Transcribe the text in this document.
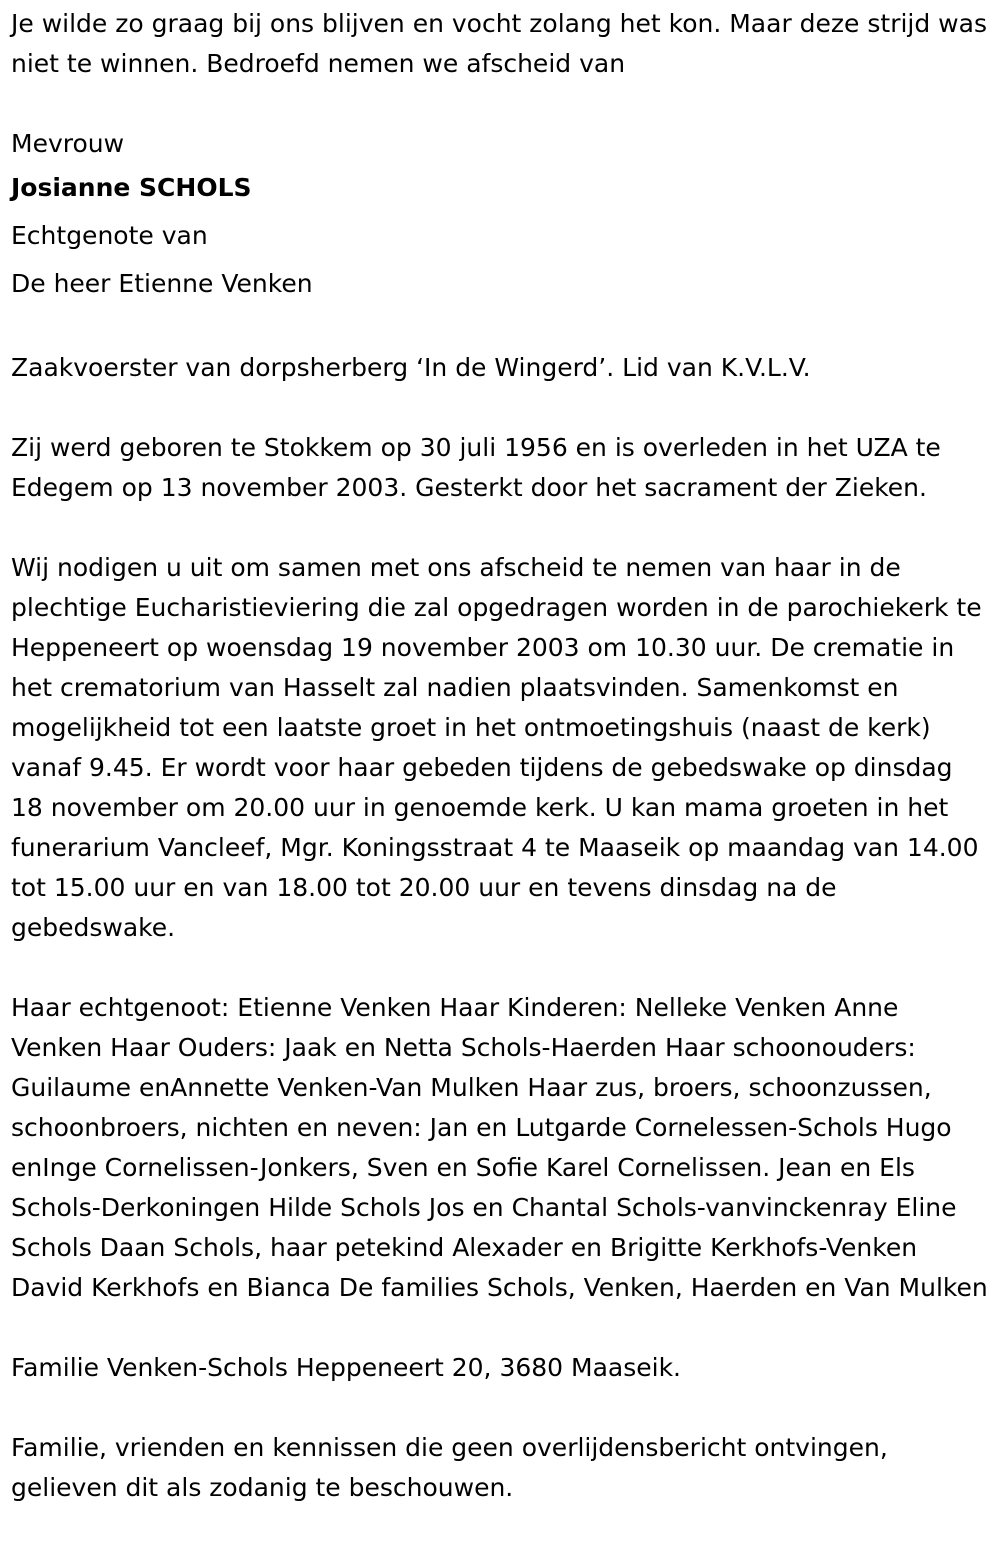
Je wilde zo graag bij ons blijven en vocht zolang het kon. Maar deze strijd was niet te winnen. Bedroefd nemen we afscheid van

Mevrouw
Josianne SCHOLS
Echtgenote van
De heer Etienne Venken

Zaakvoerster van dorpsherberg ‘In de Wingerd’. Lid van K.V.L.V.

Zij werd geboren te Stokkem op 30 juli 1956 en is overleden in het UZA te Edegem op 13 november 2003. Gesterkt door het sacrament der Zieken.

Wij nodigen u uit om samen met ons afscheid te nemen van haar in de plechtige Eucharistieviering die zal opgedragen worden in de parochiekerk te Heppeneert op woensdag 19 november 2003 om 10.30 uur. De crematie in het crematorium van Hasselt zal nadien plaatsvinden. Samenkomst en mogelijkheid tot een laatste groet in het ontmoetingshuis (naast de kerk) vanaf 9.45. Er wordt voor haar gebeden tijdens de gebedswake op dinsdag 18 november om 20.00 uur in genoemde kerk. U kan mama groeten in het funerarium Vancleef, Mgr. Koningsstraat 4 te Maaseik op maandag van 14.00 tot 15.00 uur en van 18.00 tot 20.00 uur en tevens dinsdag na de gebedswake.

Haar echtgenoot: Etienne Venken Haar Kinderen: Nelleke Venken Anne Venken Haar Ouders: Jaak en Netta Schols-Haerden Haar schoonouders: Guilaume enAnnette Venken-Van Mulken Haar zus, broers, schoonzussen, schoonbroers, nichten en neven: Jan en Lutgarde Cornelessen-Schols Hugo enInge Cornelissen-Jonkers, Sven en Sofie Karel Cornelissen. Jean en Els Schols-Derkoningen Hilde Schols Jos en Chantal Schols-vanvinckenray Eline Schols Daan Schols, haar petekind Alexader en Brigitte Kerkhofs-Venken David Kerkhofs en Bianca De families Schols, Venken, Haerden en Van Mulken

Familie Venken-Schols Heppeneert 20, 3680 Maaseik.

Familie, vrienden en kennissen die geen overlijdensbericht ontvingen, gelieven dit als zodanig te beschouwen.
